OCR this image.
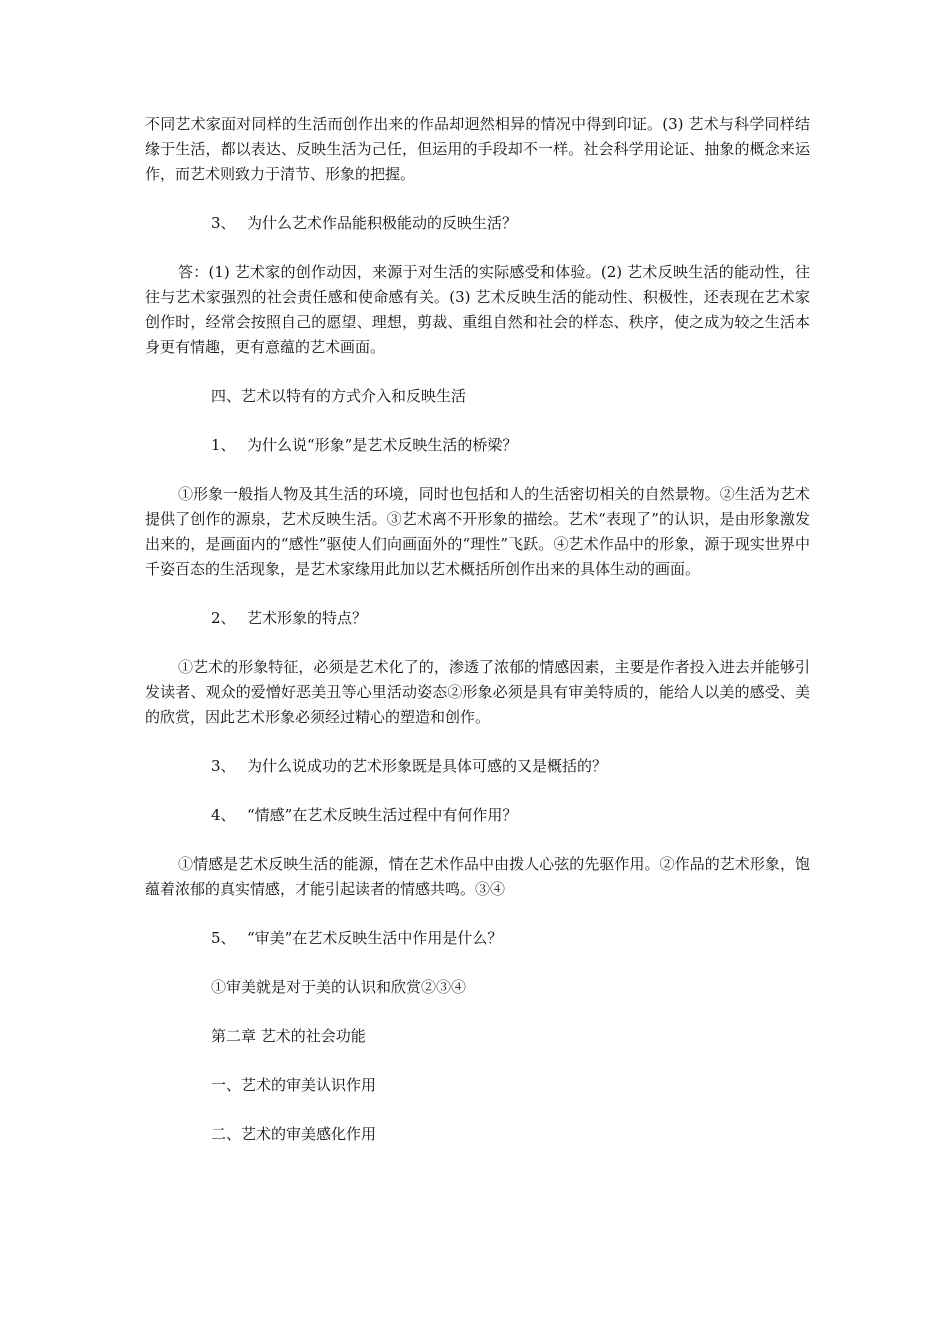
不同艺术家面对同样的生活而创作出来的作品却迥然相异的情况中得到印证。(3) 艺术与科学同样结缘于生活，都以表达、反映生活为己任，但运用的手段却不一样。社会科学用论证、抽象的概念来运作，而艺术则致力于清节、形象的把握。

3、 为什么艺术作品能积极能动的反映生活？

答：(1) 艺术家的创作动因，来源于对生活的实际感受和体验。(2) 艺术反映生活的能动性，往往与艺术家强烈的社会责任感和使命感有关。(3) 艺术反映生活的能动性、积极性，还表现在艺术家创作时，经常会按照自己的愿望、理想，剪裁、重组自然和社会的样态、秩序，使之成为较之生活本身更有情趣，更有意蕴的艺术画面。

四、艺术以特有的方式介入和反映生活
1、 为什么说“形象”是艺术反映生活的桥梁？

①形象一般指人物及其生活的环境，同时也包括和人的生活密切相关的自然景物。②生活为艺术提供了创作的源泉，艺术反映生活。③艺术离不开形象的描绘。艺术“表现了”的认识，是由形象激发出来的，是画面内的“感性”驱使人们向画面外的“理性”飞跃。④艺术作品中的形象，源于现实世界中千姿百态的生活现象，是艺术家缘用此加以艺术概括所创作出来的具体生动的画面。

2、 艺术形象的特点？

①艺术的形象特征，必须是艺术化了的，渗透了浓郁的情感因素，主要是作者投入进去并能够引发读者、观众的爱憎好恶美丑等心里活动姿态②形象必须是具有审美特质的，能给人以美的感受、美的欣赏，因此艺术形象必须经过精心的塑造和创作。

3、 为什么说成功的艺术形象既是具体可感的又是概括的？
4、 “情感”在艺术反映生活过程中有何作用？

①情感是艺术反映生活的能源，情在艺术作品中由拨人心弦的先驱作用。②作品的艺术形象，饱蕴着浓郁的真实情感，才能引起读者的情感共鸣。③④

5、 “审美”在艺术反映生活中作用是什么？
①审美就是对于美的认识和欣赏②③④
第二章 艺术的社会功能
一、艺术的审美认识作用
二、艺术的审美感化作用
